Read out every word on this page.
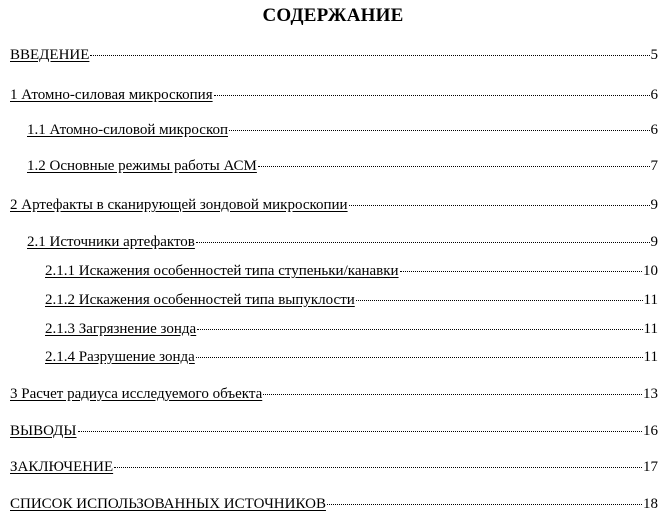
СОДЕРЖАНИЕ
ВВЕДЕНИЕ	5
1 Атомно-силовая микроскопия	6
1.1 Атомно-силовой микроскоп	6
1.2 Основные режимы работы АСМ	7
2 Артефакты в сканирующей зондовой микроскопии	9
2.1 Источники артефактов	9
2.1.1 Искажения особенностей типа ступеньки/канавки	10
2.1.2 Искажения особенностей типа выпуклости	11
2.1.3 Загрязнение зонда	11
2.1.4 Разрушение зонда	11
3 Расчет радиуса исследуемого объекта	13
ВЫВОДЫ	16
ЗАКЛЮЧЕНИЕ	17
СПИСОК ИСПОЛЬЗОВАННЫХ ИСТОЧНИКОВ	18
